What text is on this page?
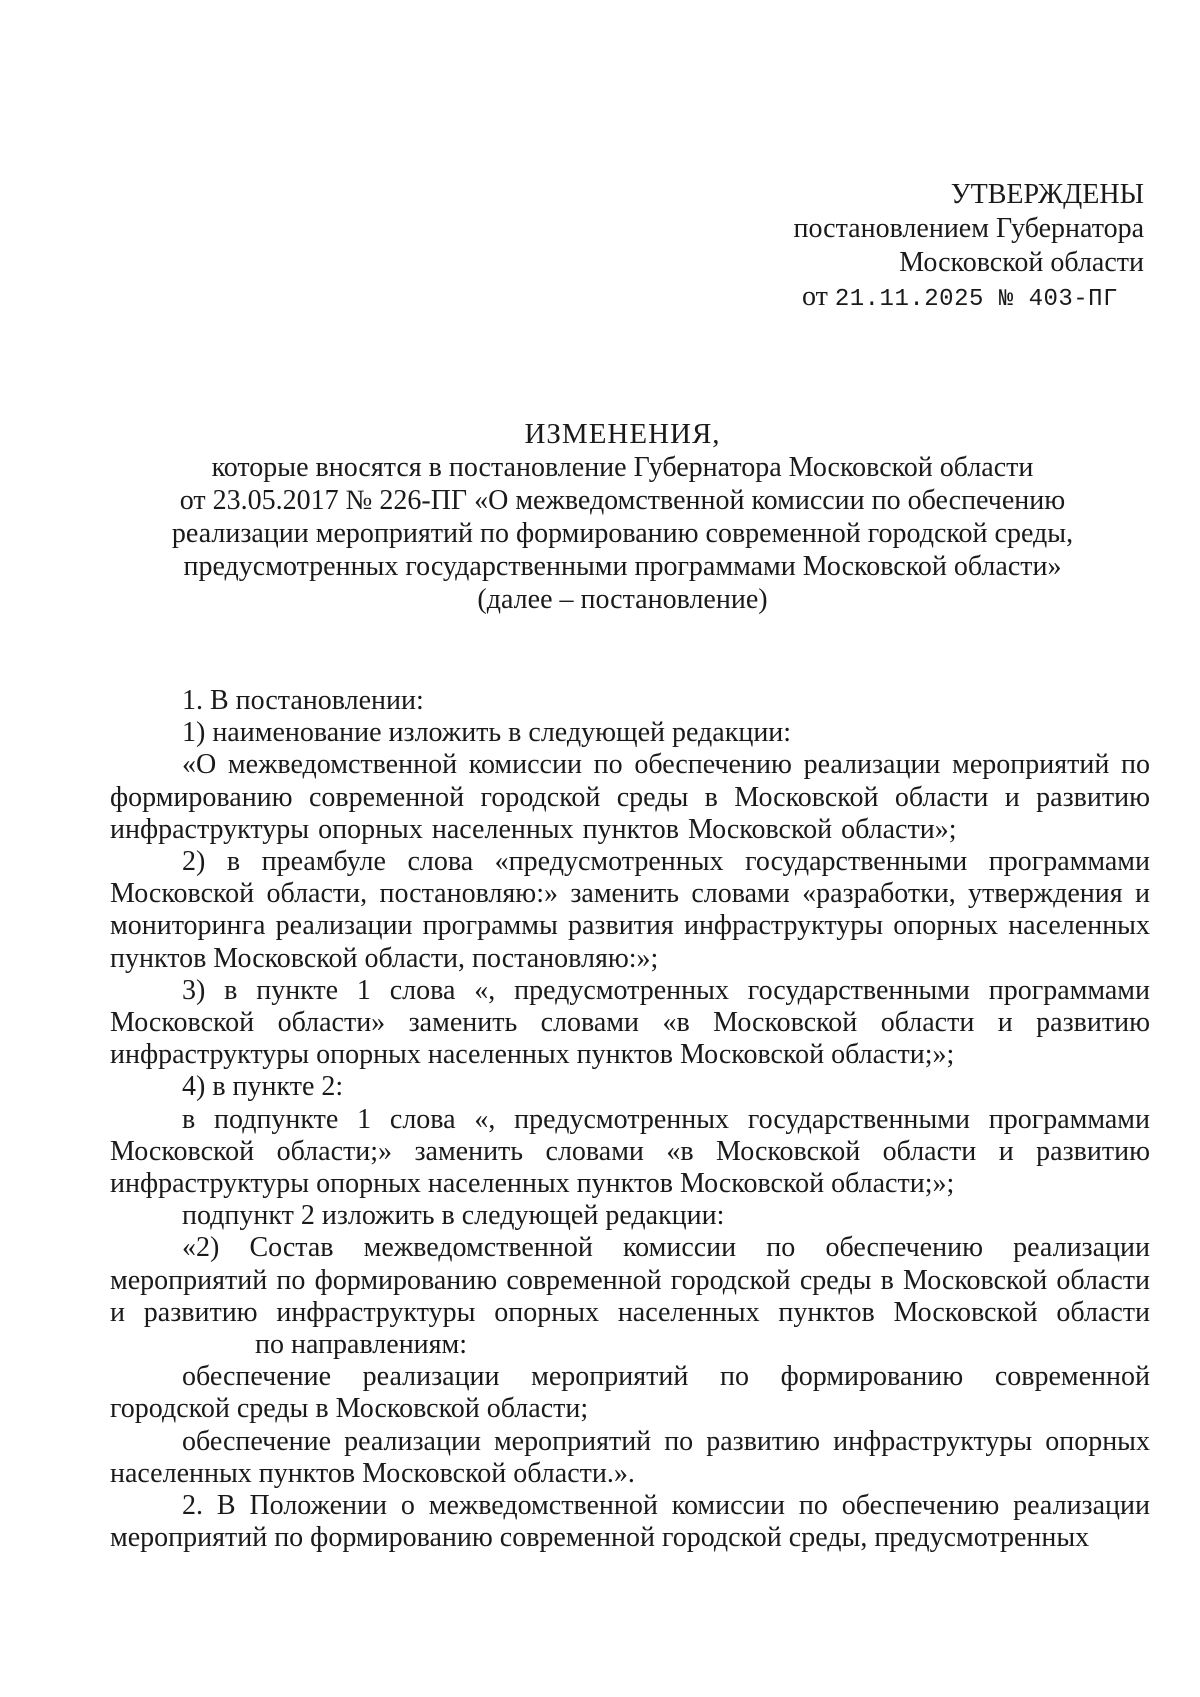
УТВЕРЖДЕНЫ
постановлением Губернатора
Московской области
от 21.11.2025 № 403-ПГ
ИЗМЕНЕНИЯ,
которые вносятся в постановление Губернатора Московской области
от 23.05.2017 № 226-ПГ «О межведомственной комиссии по обеспечению
реализации мероприятий по формированию современной городской среды,
предусмотренных государственными программами Московской области»
(далее – постановление)

1. В постановлении:

1) наименование изложить в следующей редакции:

«О межведомственной комиссии по обеспечению реализации мероприятий по формированию современной городской среды в Московской области и развитию инфраструктуры опорных населенных пунктов Московской области»;

2) в преамбуле слова «предусмотренных государственными программами Московской области, постановляю:» заменить словами «разработки, утверждения и мониторинга реализации программы развития инфраструктуры опорных населенных пунктов Московской области, постановляю:»;

3) в пункте 1 слова «, предусмотренных государственными программами Московской области» заменить словами «в Московской области и развитию инфраструктуры опорных населенных пунктов Московской области;»;

4) в пункте 2:

в подпункте 1 слова «, предусмотренных государственными программами Московской области;» заменить словами «в Московской области и развитию инфраструктуры опорных населенных пунктов Московской области;»;

подпункт 2 изложить в следующей редакции:

«2) Состав межведомственной комиссии по обеспечению реализации мероприятий по формированию современной городской среды в Московской области и развитию инфраструктуры опорных населенных пунктов Московской областипо направлениям:

обеспечение реализации мероприятий по формированию современной городской среды в Московской области;

обеспечение реализации мероприятий по развитию инфраструктуры опорных населенных пунктов Московской области.».

2. В Положении о межведомственной комиссии по обеспечению реализации мероприятий по формированию современной городской среды, предусмотренных
